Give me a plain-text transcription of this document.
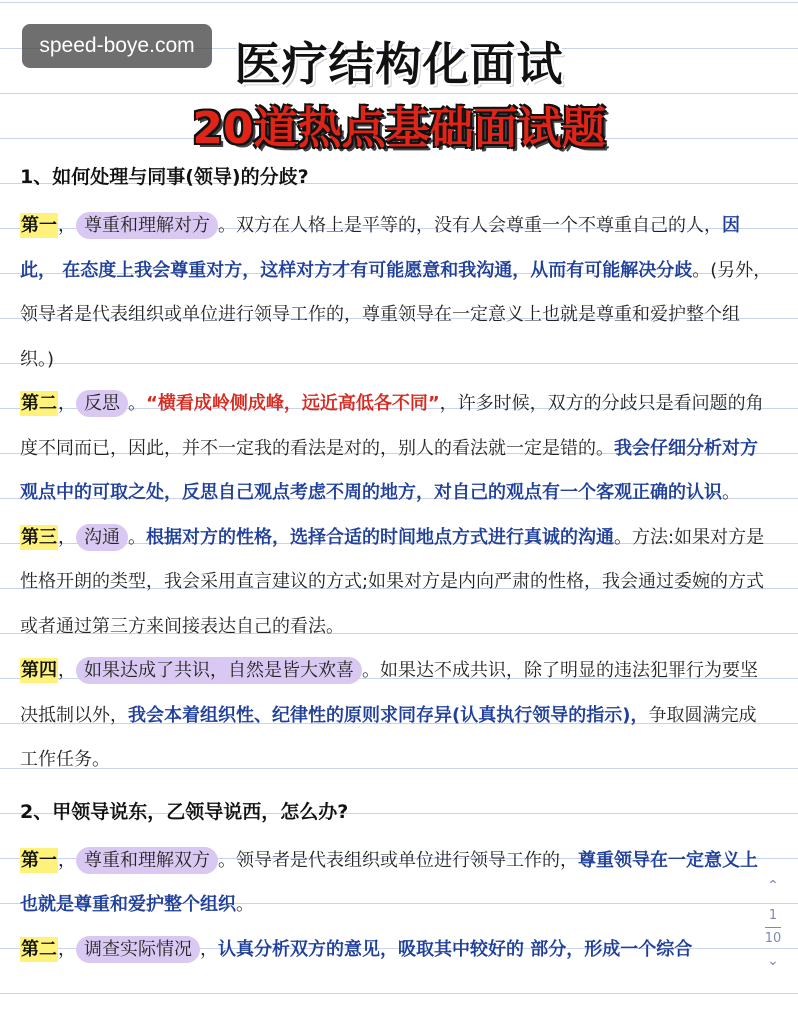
speed-boye.com 医疗结构化面试
20道热点基础面试题
1、如何处理与同事(领导)的分歧?
第一， 尊重和理解对方 。双方在人格上是平等的，没有人会尊重一个不尊重自己的人，因此， 在态度上我会尊重对方，这样对方才有可能愿意和我沟通，从而有可能解决分歧。(另外， 领导者是代表组织或单位进行领导工作的，尊重领导在一定意义上也就是尊重和爱护整个组 织。)
第二， 反思 。“横看成岭侧成峰，远近高低各不同”，许多时候，双方的分歧只是看问题的角度不同而已，因此，并不一定我的看法是对的，别人的看法就一定是错的。我会仔细分析对方观点中的可取之处，反思自己观点考虑不周的地方，对自己的观点有一个客观正确的认识。
第三， 沟通 。根据对方的性格，选择合适的时间地点方式进行真诚的沟通。方法:如果对方是性格开朗的类型，我会采用直言建议的方式;如果对方是内向严肃的性格，我会通过委婉的方式或者通过第三方来间接表达自己的看法。
第四， 如果达成了共识，自然是皆大欢喜 。如果达不成共识，除了明显的违法犯罪行为要坚决抵制以外，我会本着组织性、纪律性的原则求同存异(认真执行领导的指示)，争取圆满完成工作任务。
2、甲领导说东，乙领导说西，怎么办?
第一， 尊重和理解双方 。领导者是代表组织或单位进行领导工作的，尊重领导在一定意义上也就是尊重和爱护整个组织。
第二， 调查实际情况 ，认真分析双方的意见，吸取其中较好的 部分，形成一个综合
⌃
1
10
⌄
